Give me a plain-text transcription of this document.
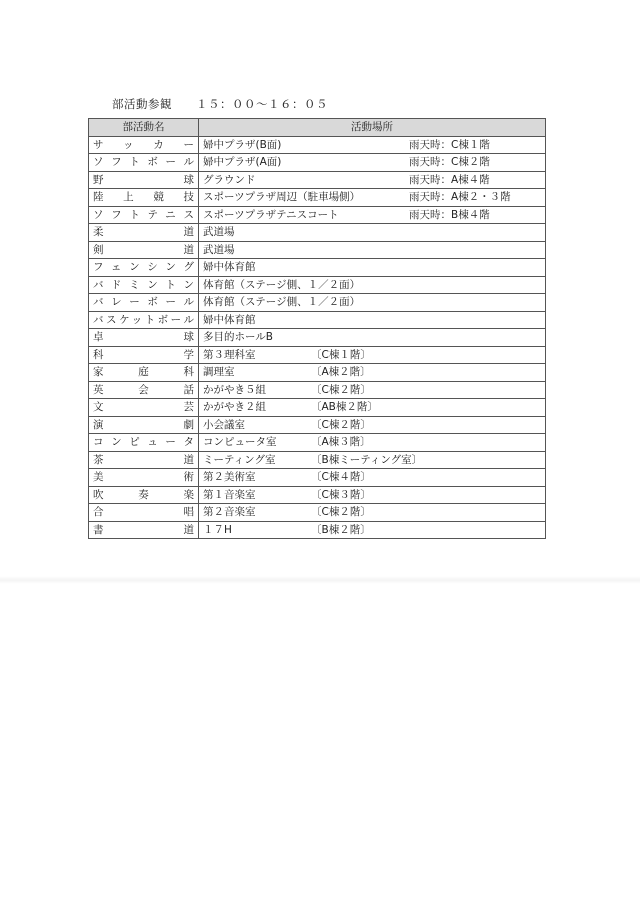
部活動参観　　１５：００～１６：０５
部活動名	活動場所
サッカー	婦中プラザ(B面) 雨天時：C棟１階

ソフトボール	婦中プラザ(A面) 雨天時：C棟２階

野球	グラウンド 雨天時：A棟４階

陸上競技	スポーツプラザ周辺（駐車場側） 雨天時：A棟２・３階

ソフトテニス	スポーツプラザテニスコート 雨天時：B棟４階

柔道	武道場

剣道	武道場

フェンシング	婦中体育館

バドミントン	体育館（ステージ側、１／２面）

バレーボール	体育館（ステージ側、１／２面）

バスケットボール	婦中体育館

卓球	多目的ホールB

科学	第３理科室 〔C棟１階〕

家庭科	調理室 〔A棟２階〕

英会話	かがやき５組 〔C棟２階〕

文芸	かがやき２組 〔AB棟２階〕

演劇	小会議室 〔C棟２階〕

コンピュータ	コンピュータ室 〔A棟３階〕

茶道	ミーティング室 〔B棟ミーティング室〕

美術	第２美術室 〔C棟４階〕

吹奏楽	第１音楽室 〔C棟３階〕

合唱	第２音楽室 〔C棟２階〕

書道	１７H 〔B棟２階〕
